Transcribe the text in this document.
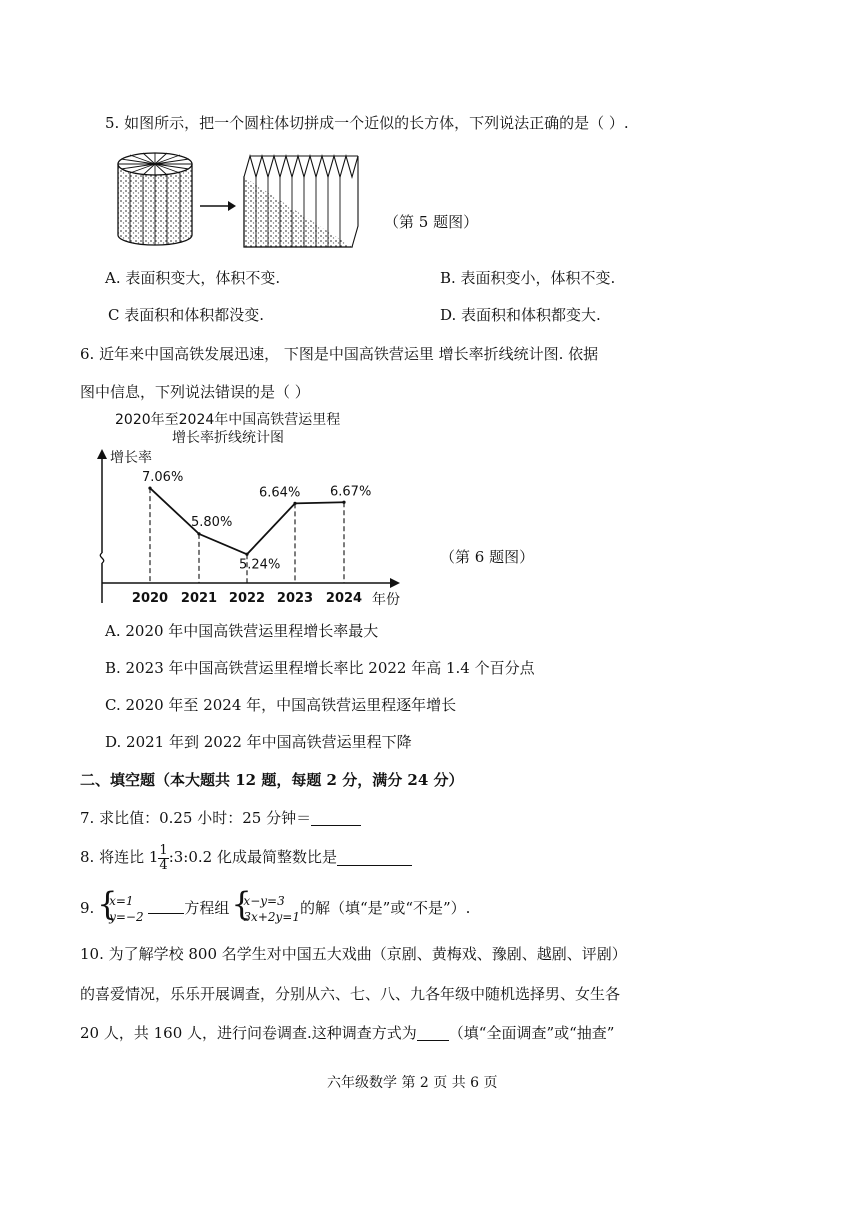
5. 如图所示，把一个圆柱体切拼成一个近似的长方体，下列说法正确的是（ ）.
（第 5 题图）
A. 表面积变大，体积不变.	B. 表面积变小，体积不变.
C 表面积和体积都没变.	D. 表面积和体积都变大.
6. 近年来中国高铁发展迅速， 下图是中国高铁营运里 增长率折线统计图. 依据
图中信息，下列说法错误的是（ ）
2020年至2024年中国高铁营运里程
增长率折线统计图
增长率
年份
2020 2021 2022 2023 2024
7.06%
5.80%
5.24%
6.64% 6.67%
（第 6 题图）
A. 2020 年中国高铁营运里程增长率最大
B. 2023 年中国高铁营运里程增长率比 2022 年高 1.4 个百分点
C. 2020 年至 2024 年，中国高铁营运里程逐年增长
D. 2021 年到 2022 年中国高铁营运里程下降
二、填空题（本大题共 12 题，每题 2 分，满分 24 分）
7. 求比值：0.25 小时：25 分钟＝
8. 将连比 $1 \frac{1}{4}$ :3:0.2 化成最简整数比是
9. { x=1
y=−2	方程组 { x−y=3
3x+2y=1 的解（填“是”或“不是”）.
10. 为了解学校 800 名学生对中国五大戏曲（京剧、黄梅戏、豫剧、越剧、评剧）
的喜爱情况，乐乐开展调查，分别从六、七、八、九各年级中随机选择男、女生各
20 人，共 160 人，进行问卷调查.这种调查方式为 （填“全面调查”或“抽查”
六年级数学 第 2 页 共 6 页
